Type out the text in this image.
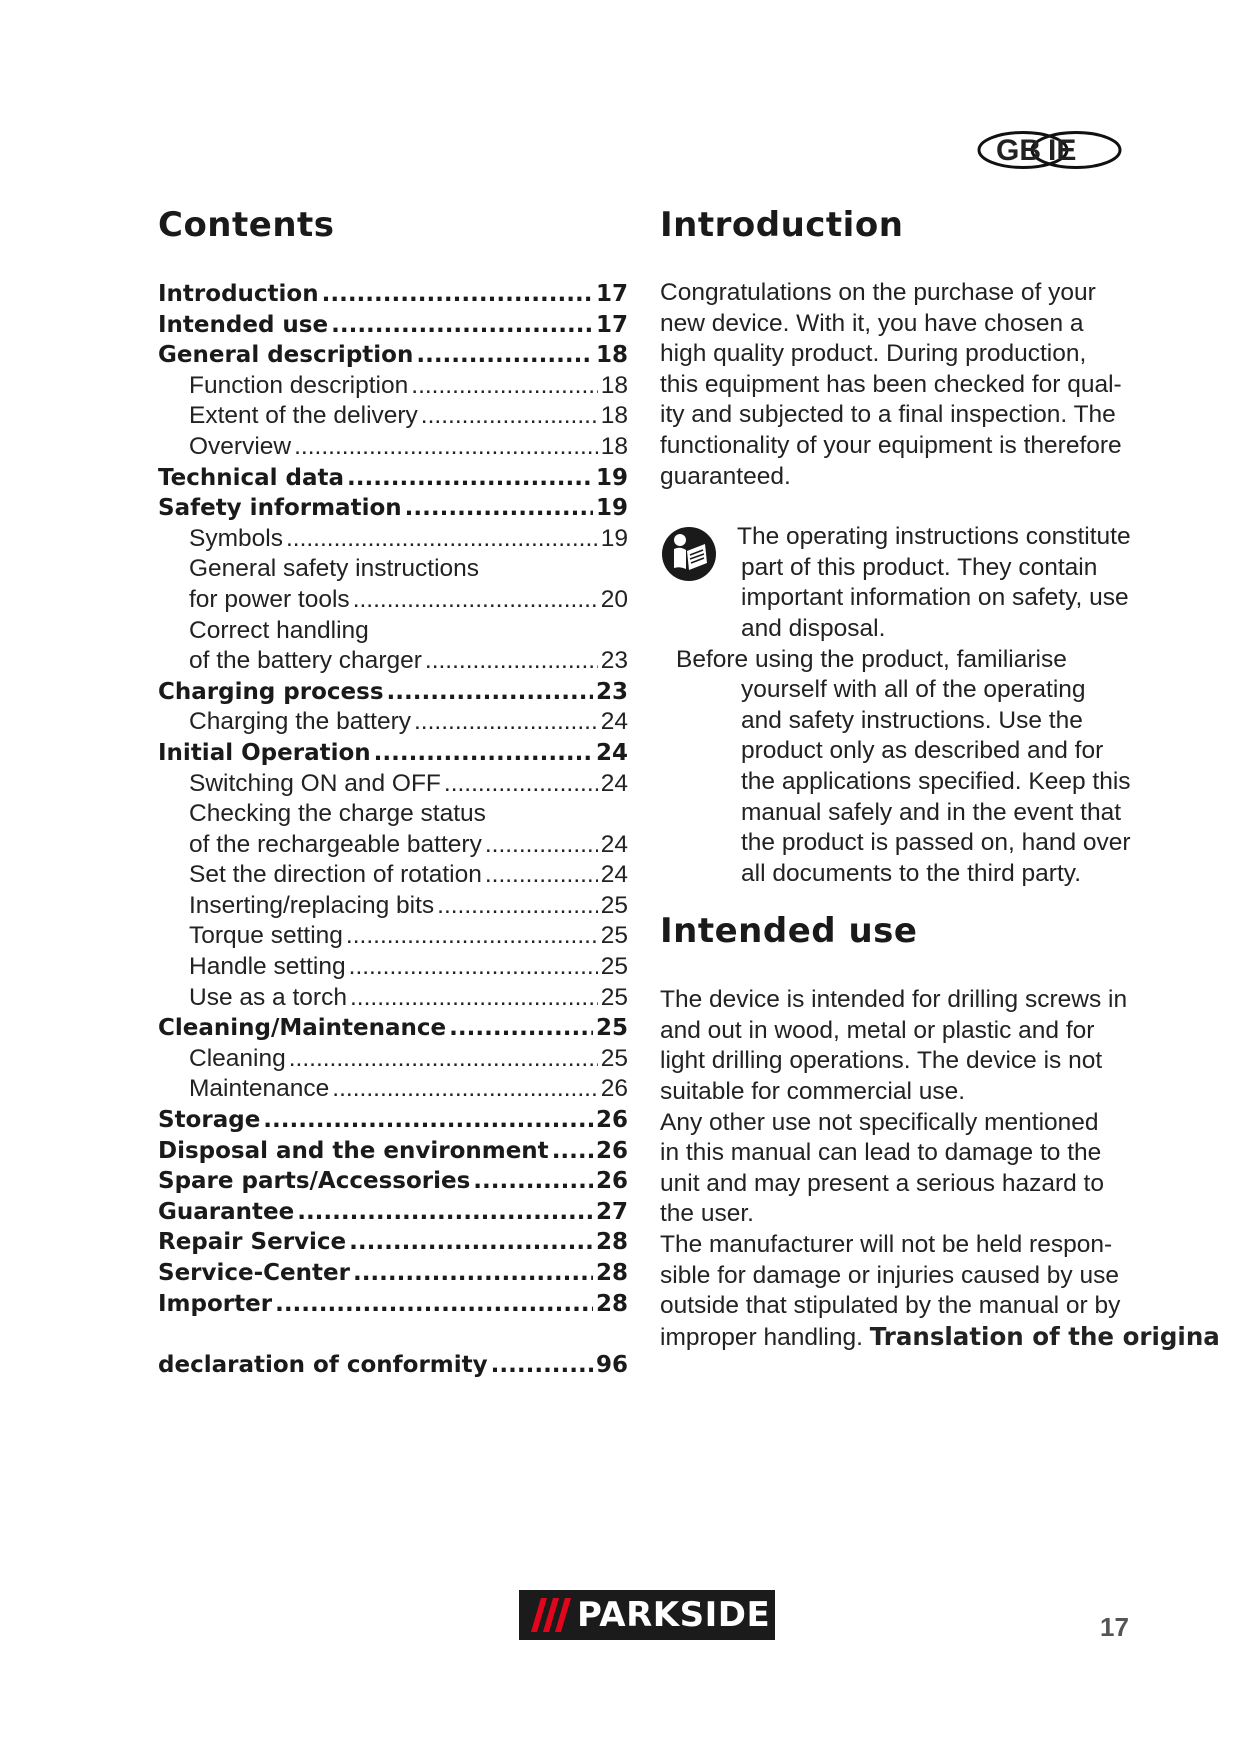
GB IE
Contents
Introduction .....	17
Intended use .....	17
General description .....	18
Function description .....	18
Extent of the delivery .....	18
Overview .....	18
Technical data .....	19
Safety information .....	19
Symbols .....	19
General safety instructions
for power tools .....	20
Correct handling
of the battery charger .....	23
Charging process .....	23
Charging the battery .....	24
Initial Operation .....	24
Switching ON and OFF .....	24
Checking the charge status
of the rechargeable battery .....	24
Set the direction of rotation .....	24
Inserting/replacing bits .....	25
Torque setting .....	25
Handle setting .....	25
Use as a torch .....	25
Cleaning/Maintenance .....	25
Cleaning .....	25
Maintenance .....	26
Storage .....	26
Disposal and the environment ..... 26
Spare parts/Accessories .....	26
Guarantee .....	27
Repair Service .....	28
Service-Center .....	28
Importer .....	28
declaration of conformity .....	96
Introduction
Congratulations on the purchase of your
new device. With it, you have chosen a
high quality product. During production,
this equipment has been checked for qual-
ity and subjected to a final inspection. The
functionality of your equipment is therefore
guaranteed.
The operating instructions constitute
part of this product. They contain
important information on safety, use
and disposal.
Before using the product, familiarise
yourself with all of the operating
and safety instructions. Use the
product only as described and for
the applications specified. Keep this
manual safely and in the event that
the product is passed on, hand over
all documents to the third party.
Intended use
The device is intended for drilling screws in
and out in wood, metal or plastic and for
light drilling operations. The device is not
suitable for commercial use.
Any other use not specifically mentioned
in this manual can lead to damage to the
unit and may present a serious hazard to
the user.
The manufacturer will not be held respon-
sible for damage or injuries caused by use
outside that stipulated by the manual or by
improper handling. Translation of the origina
PARKSIDE	17
